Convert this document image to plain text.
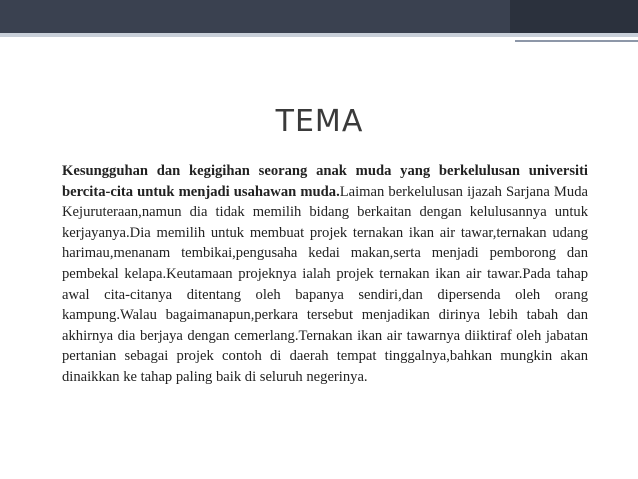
TEMA

Kesungguhan dan kegigihan seorang anak muda yang berkelulusan universiti bercita-cita untuk menjadi usahawan muda.Laiman berkelulusan ijazah Sarjana Muda Kejuruteraan,namun dia tidak memilih bidang berkaitan dengan kelulusannya untuk kerjayanya.Dia memilih untuk membuat projek ternakan ikan air tawar,ternakan udang harimau,menanam tembikai,pengusaha kedai makan,serta menjadi pemborong dan pembekal kelapa.Keutamaan projeknya ialah projek ternakan ikan air tawar.Pada tahap awal cita-citanya ditentang oleh bapanya sendiri,dan dipersenda oleh orang kampung.Walau bagaimanapun,perkara tersebut menjadikan dirinya lebih tabah dan akhirnya dia berjaya dengan cemerlang.Ternakan ikan air tawarnya diiktiraf oleh jabatan pertanian sebagai projek contoh di daerah tempat tinggalnya,bahkan mungkin akan dinaikkan ke tahap paling baik di seluruh negerinya.
